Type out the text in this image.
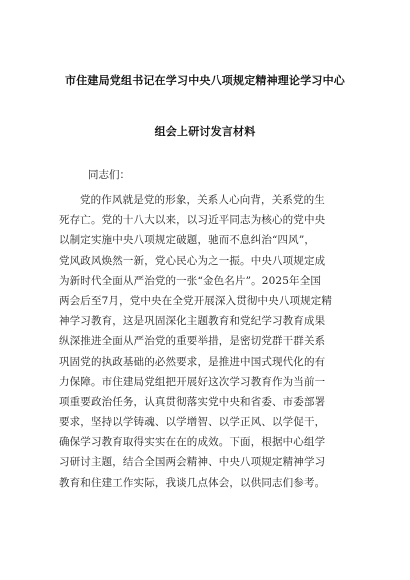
市住建局党组书记在学习中央八项规定精神理论学习中心
组会上研讨发言材料
同志们：
党的作风就是党的形象，关系人心向背，关系党的生
死存亡。党的十八大以来，以习近平同志为核心的党中央
以制定实施中央八项规定破题，驰而不息纠治“四风”，
党风政风焕然一新，党心民心为之一振。中央八项规定成
为新时代全面从严治党的一张“金色名片”。2025年全国
两会后至7月，党中央在全党开展深入贯彻中央八项规定精
神学习教育，这是巩固深化主题教育和党纪学习教育成果
纵深推进全面从严治党的重要举措，是密切党群干群关系
巩固党的执政基础的必然要求，是推进中国式现代化的有
力保障。市住建局党组把开展好这次学习教育作为当前一
项重要政治任务，认真贯彻落实党中央和省委、市委部署
要求，坚持以学铸魂、以学增智、以学正风、以学促干，
确保学习教育取得实实在在的成效。下面，根据中心组学
习研讨主题，结合全国两会精神、中央八项规定精神学习
教育和住建工作实际，我谈几点体会，以供同志们参考。
